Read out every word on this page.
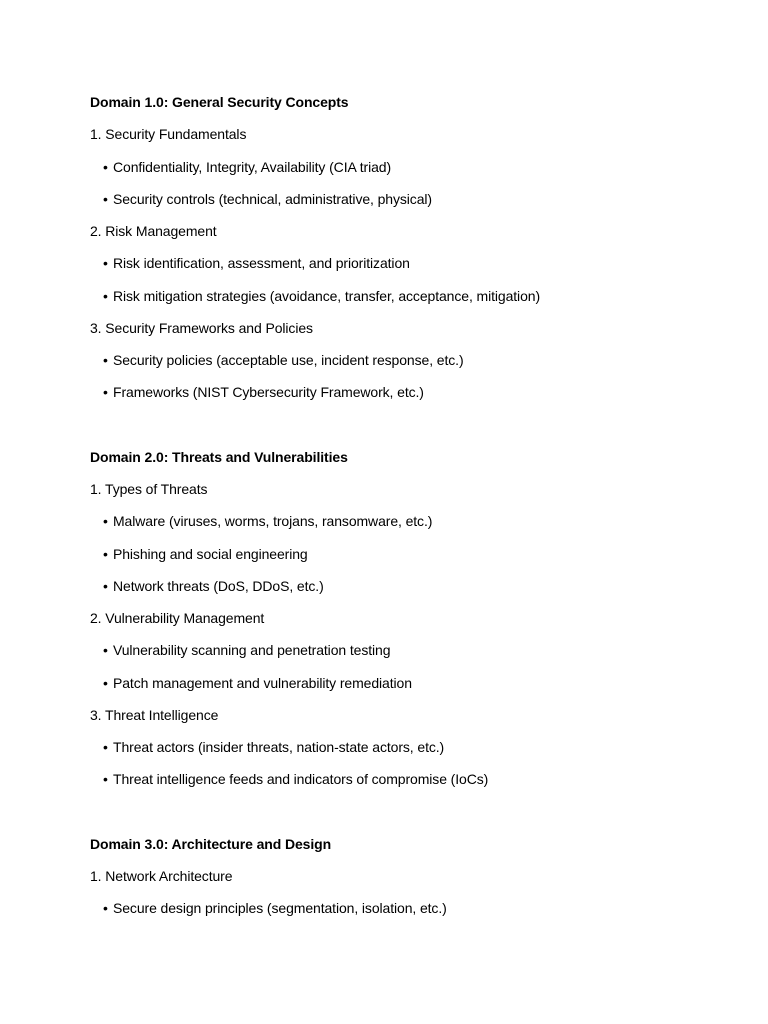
Domain 1.0: General Security Concepts
1. Security Fundamentals
• Confidentiality, Integrity, Availability (CIA triad)
• Security controls (technical, administrative, physical)
2. Risk Management
• Risk identification, assessment, and prioritization
• Risk mitigation strategies (avoidance, transfer, acceptance, mitigation)
3. Security Frameworks and Policies
• Security policies (acceptable use, incident response, etc.)
• Frameworks (NIST Cybersecurity Framework, etc.)
Domain 2.0: Threats and Vulnerabilities
1. Types of Threats
• Malware (viruses, worms, trojans, ransomware, etc.)
• Phishing and social engineering
• Network threats (DoS, DDoS, etc.)
2. Vulnerability Management
• Vulnerability scanning and penetration testing
• Patch management and vulnerability remediation
3. Threat Intelligence
• Threat actors (insider threats, nation-state actors, etc.)
• Threat intelligence feeds and indicators of compromise (IoCs)
Domain 3.0: Architecture and Design
1. Network Architecture
• Secure design principles (segmentation, isolation, etc.)
